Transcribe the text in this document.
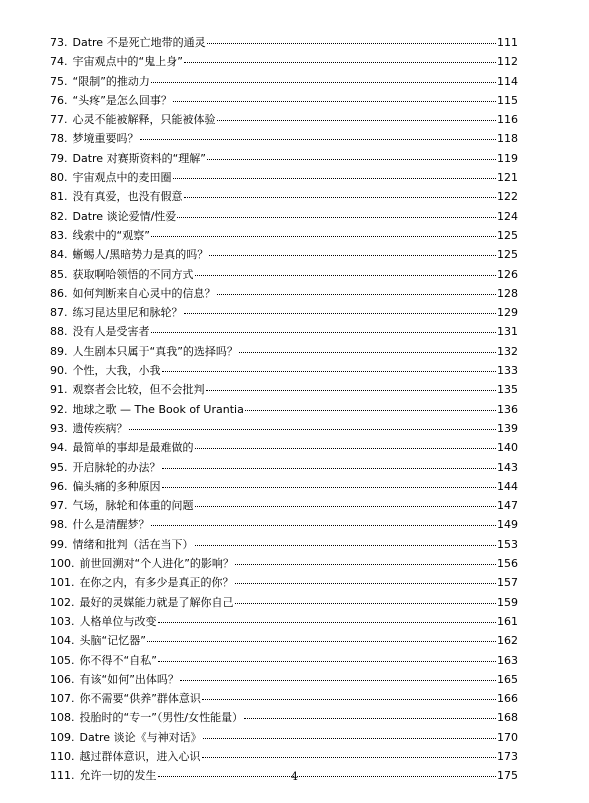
73. Datre 不是死亡地带的通灵	111
74. 宇宙观点中的“鬼上身”	112
75. “限制”的推动力	114
76. “头疼”是怎么回事？	115
77. 心灵不能被解释，只能被体验	116
78. 梦境重要吗？	118
79. Datre 对赛斯资料的“理解”	119
80. 宇宙观点中的麦田圈	121
81. 没有真爱，也没有假意	122
82. Datre 谈论爱情/性爱	124
83. 线索中的“观察”	125
84. 蜥蜴人/黑暗势力是真的吗？	125
85. 获取啊哈领悟的不同方式	126
86. 如何判断来自心灵中的信息？	128
87. 练习昆达里尼和脉轮？	129
88. 没有人是受害者	131
89. 人生剧本只属于“真我”的选择吗？	132
90. 个性，大我，小我	133
91. 观察者会比较，但不会批判	135
92. 地球之歌 — The Book of Urantia	136
93. 遗传疾病？	139
94. 最简单的事却是最难做的	140
95. 开启脉轮的办法？	143
96. 偏头痛的多种原因	144
97. 气场，脉轮和体重的问题	147
98. 什么是清醒梦？	149
99. 情绪和批判（活在当下）	153
100. 前世回溯对“个人进化”的影响？	156
101. 在你之内，有多少是真正的你？	157
102. 最好的灵媒能力就是了解你自己	159
103. 人格单位与改变	161
104. 头脑“记忆器”	162
105. 你不得不“自私”	163
106. 有该“如何”出体吗？	165
107. 你不需要“供养”群体意识	166
108. 投胎时的“专一”（男性/女性能量）	168
109. Datre 谈论《与神对话》	170
110. 越过群体意识，进入心识	173
111. 允许一切的发生	175
4
